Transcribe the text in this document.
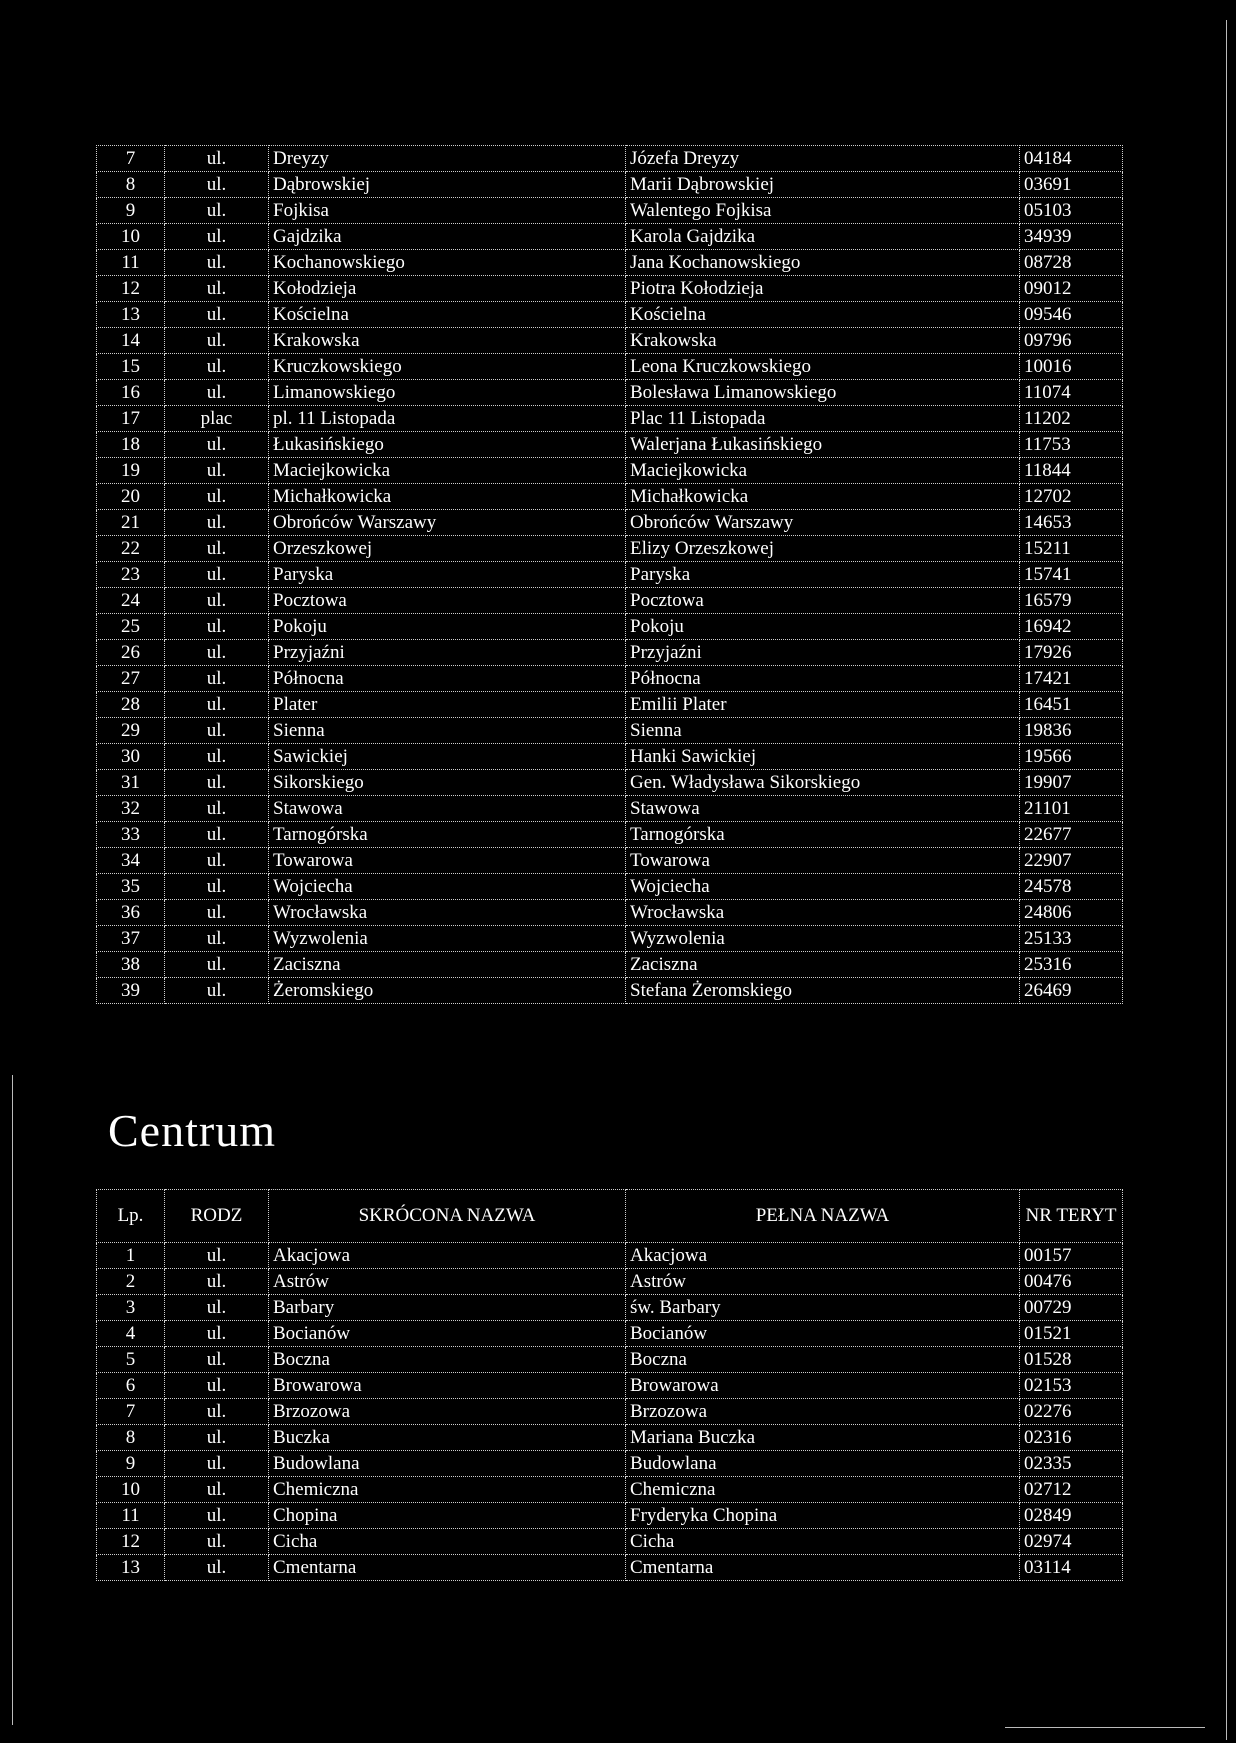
7	ul.	Dreyzy	Józefa Dreyzy	04184
8	ul.	Dąbrowskiej	Marii Dąbrowskiej	03691
9	ul.	Fojkisa	Walentego Fojkisa	05103
10	ul.	Gajdzika	Karola Gajdzika	34939
11	ul.	Kochanowskiego	Jana Kochanowskiego	08728
12	ul.	Kołodzieja	Piotra Kołodzieja	09012
13	ul.	Kościelna	Kościelna	09546
14	ul.	Krakowska	Krakowska	09796
15	ul.	Kruczkowskiego	Leona Kruczkowskiego	10016
16	ul.	Limanowskiego	Bolesława Limanowskiego	11074
17	plac	pl. 11 Listopada	Plac 11 Listopada	11202
18	ul.	Łukasińskiego	Walerjana Łukasińskiego	11753
19	ul.	Maciejkowicka	Maciejkowicka	11844
20	ul.	Michałkowicka	Michałkowicka	12702
21	ul.	Obrońców Warszawy	Obrońców Warszawy	14653
22	ul.	Orzeszkowej	Elizy Orzeszkowej	15211
23	ul.	Paryska	Paryska	15741
24	ul.	Pocztowa	Pocztowa	16579
25	ul.	Pokoju	Pokoju	16942
26	ul.	Przyjaźni	Przyjaźni	17926
27	ul.	Północna	Północna	17421
28	ul.	Plater	Emilii Plater	16451
29	ul.	Sienna	Sienna	19836
30	ul.	Sawickiej	Hanki Sawickiej	19566
31	ul.	Sikorskiego	Gen. Władysława Sikorskiego	19907
32	ul.	Stawowa	Stawowa	21101
33	ul.	Tarnogórska	Tarnogórska	22677
34	ul.	Towarowa	Towarowa	22907
35	ul.	Wojciecha	Wojciecha	24578
36	ul.	Wrocławska	Wrocławska	24806
37	ul.	Wyzwolenia	Wyzwolenia	25133
38	ul.	Zaciszna	Zaciszna	25316
39	ul.	Żeromskiego	Stefana Żeromskiego	26469
Centrum
Lp.	RODZ	SKRÓCONA NAZWA	PEŁNA NAZWA	NR TERYT
1	ul.	Akacjowa	Akacjowa	00157
2	ul.	Astrów	Astrów	00476
3	ul.	Barbary	św. Barbary	00729
4	ul.	Bocianów	Bocianów	01521
5	ul.	Boczna	Boczna	01528
6	ul.	Browarowa	Browarowa	02153
7	ul.	Brzozowa	Brzozowa	02276
8	ul.	Buczka	Mariana Buczka	02316
9	ul.	Budowlana	Budowlana	02335
10	ul.	Chemiczna	Chemiczna	02712
11	ul.	Chopina	Fryderyka Chopina	02849
12	ul.	Cicha	Cicha	02974
13	ul.	Cmentarna	Cmentarna	03114
